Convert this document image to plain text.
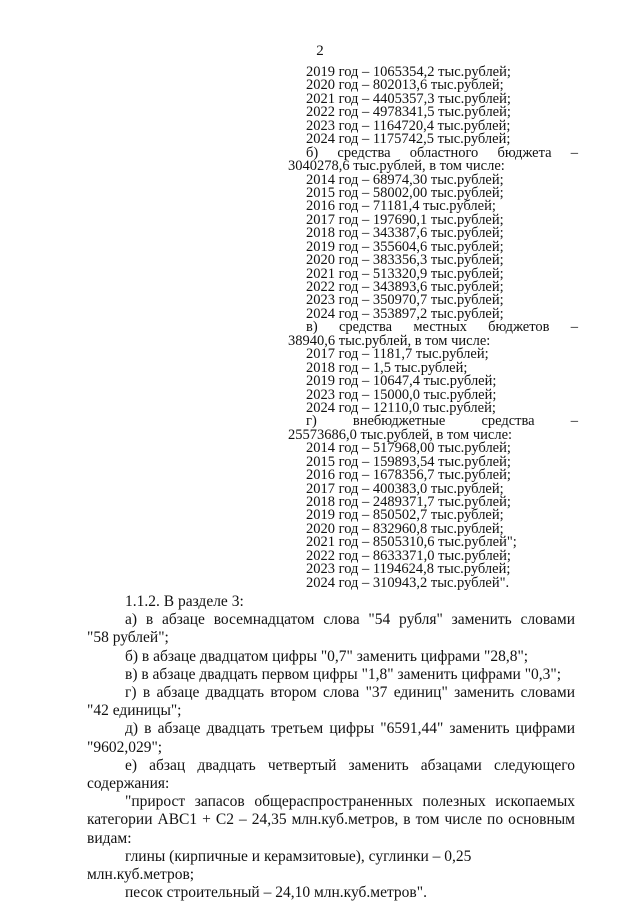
2
2019 год – 1065354,2 тыс.рублей;
2020 год – 802013,6 тыс.рублей;
2021 год – 4405357,3 тыс.рублей;
2022 год – 4978341,5 тыс.рублей;
2023 год – 1164720,4 тыс.рублей;
2024 год – 1175742,5 тыс.рублей;
б) средства областного бюджета –
3040278,6 тыс.рублей, в том числе:
2014 год – 68974,30 тыс.рублей;
2015 год – 58002,00 тыс.рублей;
2016 год – 71181,4 тыс.рублей;
2017 год – 197690,1 тыс.рублей;
2018 год – 343387,6 тыс.рублей;
2019 год – 355604,6 тыс.рублей;
2020 год – 383356,3 тыс.рублей;
2021 год – 513320,9 тыс.рублей;
2022 год – 343893,6 тыс.рублей;
2023 год – 350970,7 тыс.рублей;
2024 год – 353897,2 тыс.рублей;
в) средства местных бюджетов –
38940,6 тыс.рублей, в том числе:
2017 год – 1181,7 тыс.рублей;
2018 год – 1,5 тыс.рублей;
2019 год – 10647,4 тыс.рублей;
2023 год – 15000,0 тыс.рублей;
2024 год – 12110,0 тыс.рублей;
г) внебюджетные средства –
25573686,0 тыс.рублей, в том числе:
2014 год – 517968,00 тыс.рублей;
2015 год – 159893,54 тыс.рублей;
2016 год – 1678356,7 тыс.рублей;
2017 год – 400383,0 тыс.рублей;
2018 год – 2489371,7 тыс.рублей;
2019 год – 850502,7 тыс.рублей;
2020 год – 832960,8 тыс.рублей;
2021 год – 8505310,6 тыс.рублей";
2022 год – 8633371,0 тыс.рублей;
2023 год – 1194624,8 тыс.рублей;
2024 год – 310943,2 тыс.рублей".

1.1.2. В разделе 3:

а) в абзаце восемнадцатом слова "54 рубля" заменить словами

"58 рублей";

б) в абзаце двадцатом цифры "0,7" заменить цифрами "28,8";

в) в абзаце двадцать первом цифры "1,8" заменить цифрами "0,3";

г) в абзаце двадцать втором слова "37 единиц" заменить словами

"42 единицы";

д) в абзаце двадцать третьем цифры "6591,44" заменить цифрами

"9602,029";

е) абзац двадцать четвертый заменить абзацами следующего

содержания:

"прирост запасов общераспространенных полезных ископаемых

категории АВС1 + С2 – 24,35 млн.куб.метров, в том числе по основным

видам:

глины (кирпичные и керамзитовые), суглинки – 0,25 млн.куб.метров;

песок строительный – 24,10 млн.куб.метров".
